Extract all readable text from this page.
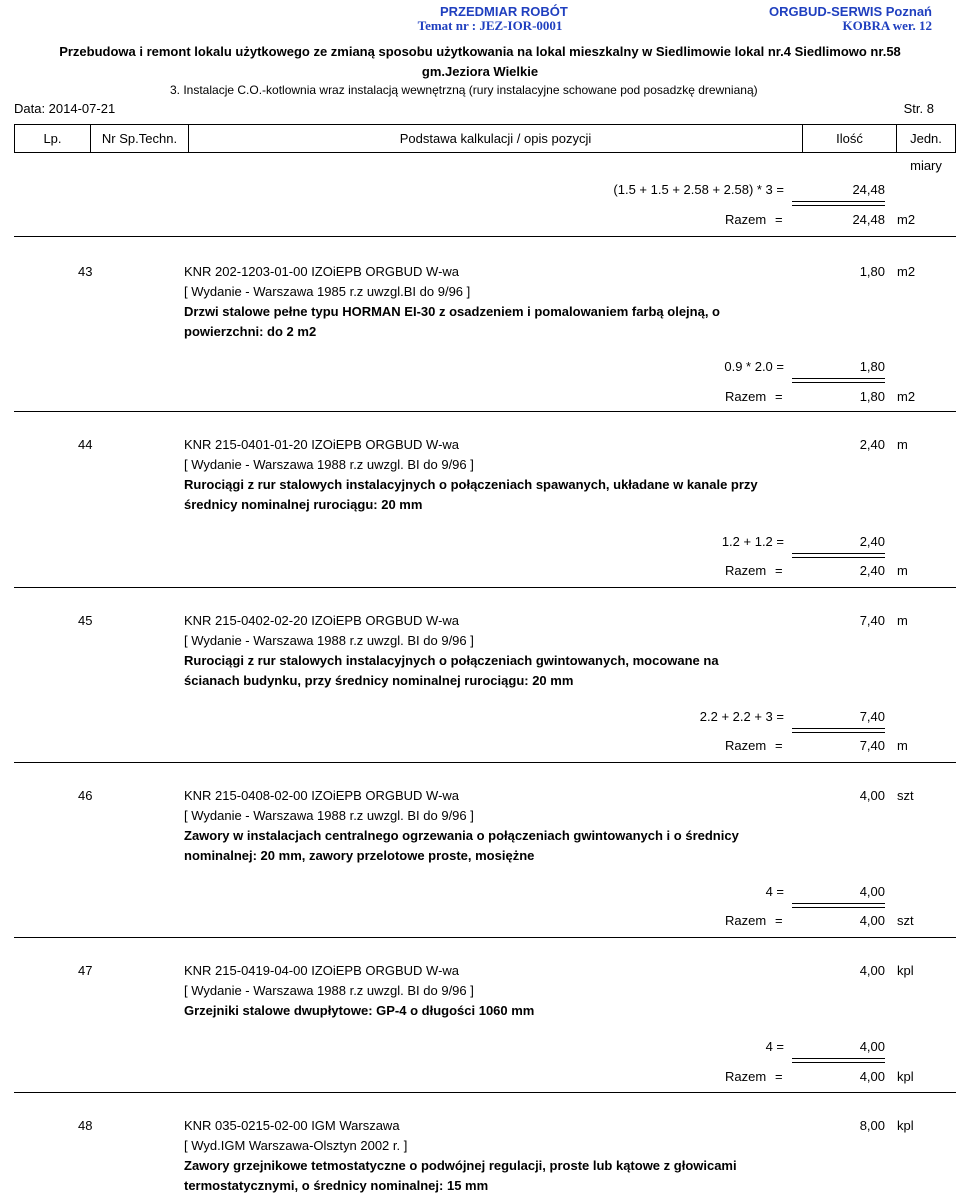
PRZEDMIAR ROBÓT
Temat nr : JEZ-IOR-0001
ORGBUD-SERWIS Poznań
KOBRA wer. 12
Przebudowa i remont lokalu użytkowego ze zmianą sposobu użytkowania na lokal mieszkalny w Siedlimowie lokal nr.4 Siedlimowo nr.58
gm.Jeziora Wielkie
3. Instalacje C.O.-kotlownia wraz instalacją wewnętrzną (rury instalacyjne schowane pod posadzkę drewnianą)
Data: 2014-07-21	Str. 8
Lp.	Nr Sp.Techn.	Podstawa kalkulacji / opis pozycji	Ilość	Jedn. miary
(1.5 + 1.5 + 2.58 + 2.58) * 3 =	24,48
Razem =	24,48 m2
43	KNR 202-1203-01-00 IZOiEPB ORGBUD W-wa	1,80 m2
[ Wydanie - Warszawa 1985 r.z uwzgl.BI do 9/96 ]
Drzwi stalowe pełne typu HORMAN EI-30 z osadzeniem i pomalowaniem farbą olejną, o
powierzchni: do 2 m2
0.9 * 2.0 =	1,80
Razem =	1,80 m2
44	KNR 215-0401-01-20 IZOiEPB ORGBUD W-wa	2,40 m
[ Wydanie - Warszawa 1988 r.z uwzgl. BI do 9/96 ]
Rurociągi z rur stalowych instalacyjnych o połączeniach spawanych, układane w kanale przy
średnicy nominalnej rurociągu: 20 mm
1.2 + 1.2 =	2,40
Razem =	2,40 m
45	KNR 215-0402-02-20 IZOiEPB ORGBUD W-wa	7,40 m
[ Wydanie - Warszawa 1988 r.z uwzgl. BI do 9/96 ]
Rurociągi z rur stalowych instalacyjnych o połączeniach gwintowanych, mocowane na
ścianach budynku, przy średnicy nominalnej rurociągu: 20 mm
2.2 + 2.2 + 3 =	7,40
Razem =	7,40 m
46	KNR 215-0408-02-00 IZOiEPB ORGBUD W-wa	4,00 szt
[ Wydanie - Warszawa 1988 r.z uwzgl. BI do 9/96 ]
Zawory w instalacjach centralnego ogrzewania o połączeniach gwintowanych i o średnicy
nominalnej: 20 mm, zawory przelotowe proste, mosiężne
4 =	4,00
Razem =	4,00 szt
47	KNR 215-0419-04-00 IZOiEPB ORGBUD W-wa	4,00 kpl
[ Wydanie - Warszawa 1988 r.z uwzgl. BI do 9/96 ]
Grzejniki stalowe dwupłytowe: GP-4 o długości 1060 mm
4 =	4,00
Razem =	4,00 kpl
48	KNR 035-0215-02-00 IGM Warszawa	8,00 kpl
[ Wyd.IGM Warszawa-Olsztyn 2002 r. ]
Zawory grzejnikowe tetmostatyczne o podwójnej regulacji, proste lub kątowe z głowicami
termostatycznymi, o średnicy nominalnej: 15 mm
